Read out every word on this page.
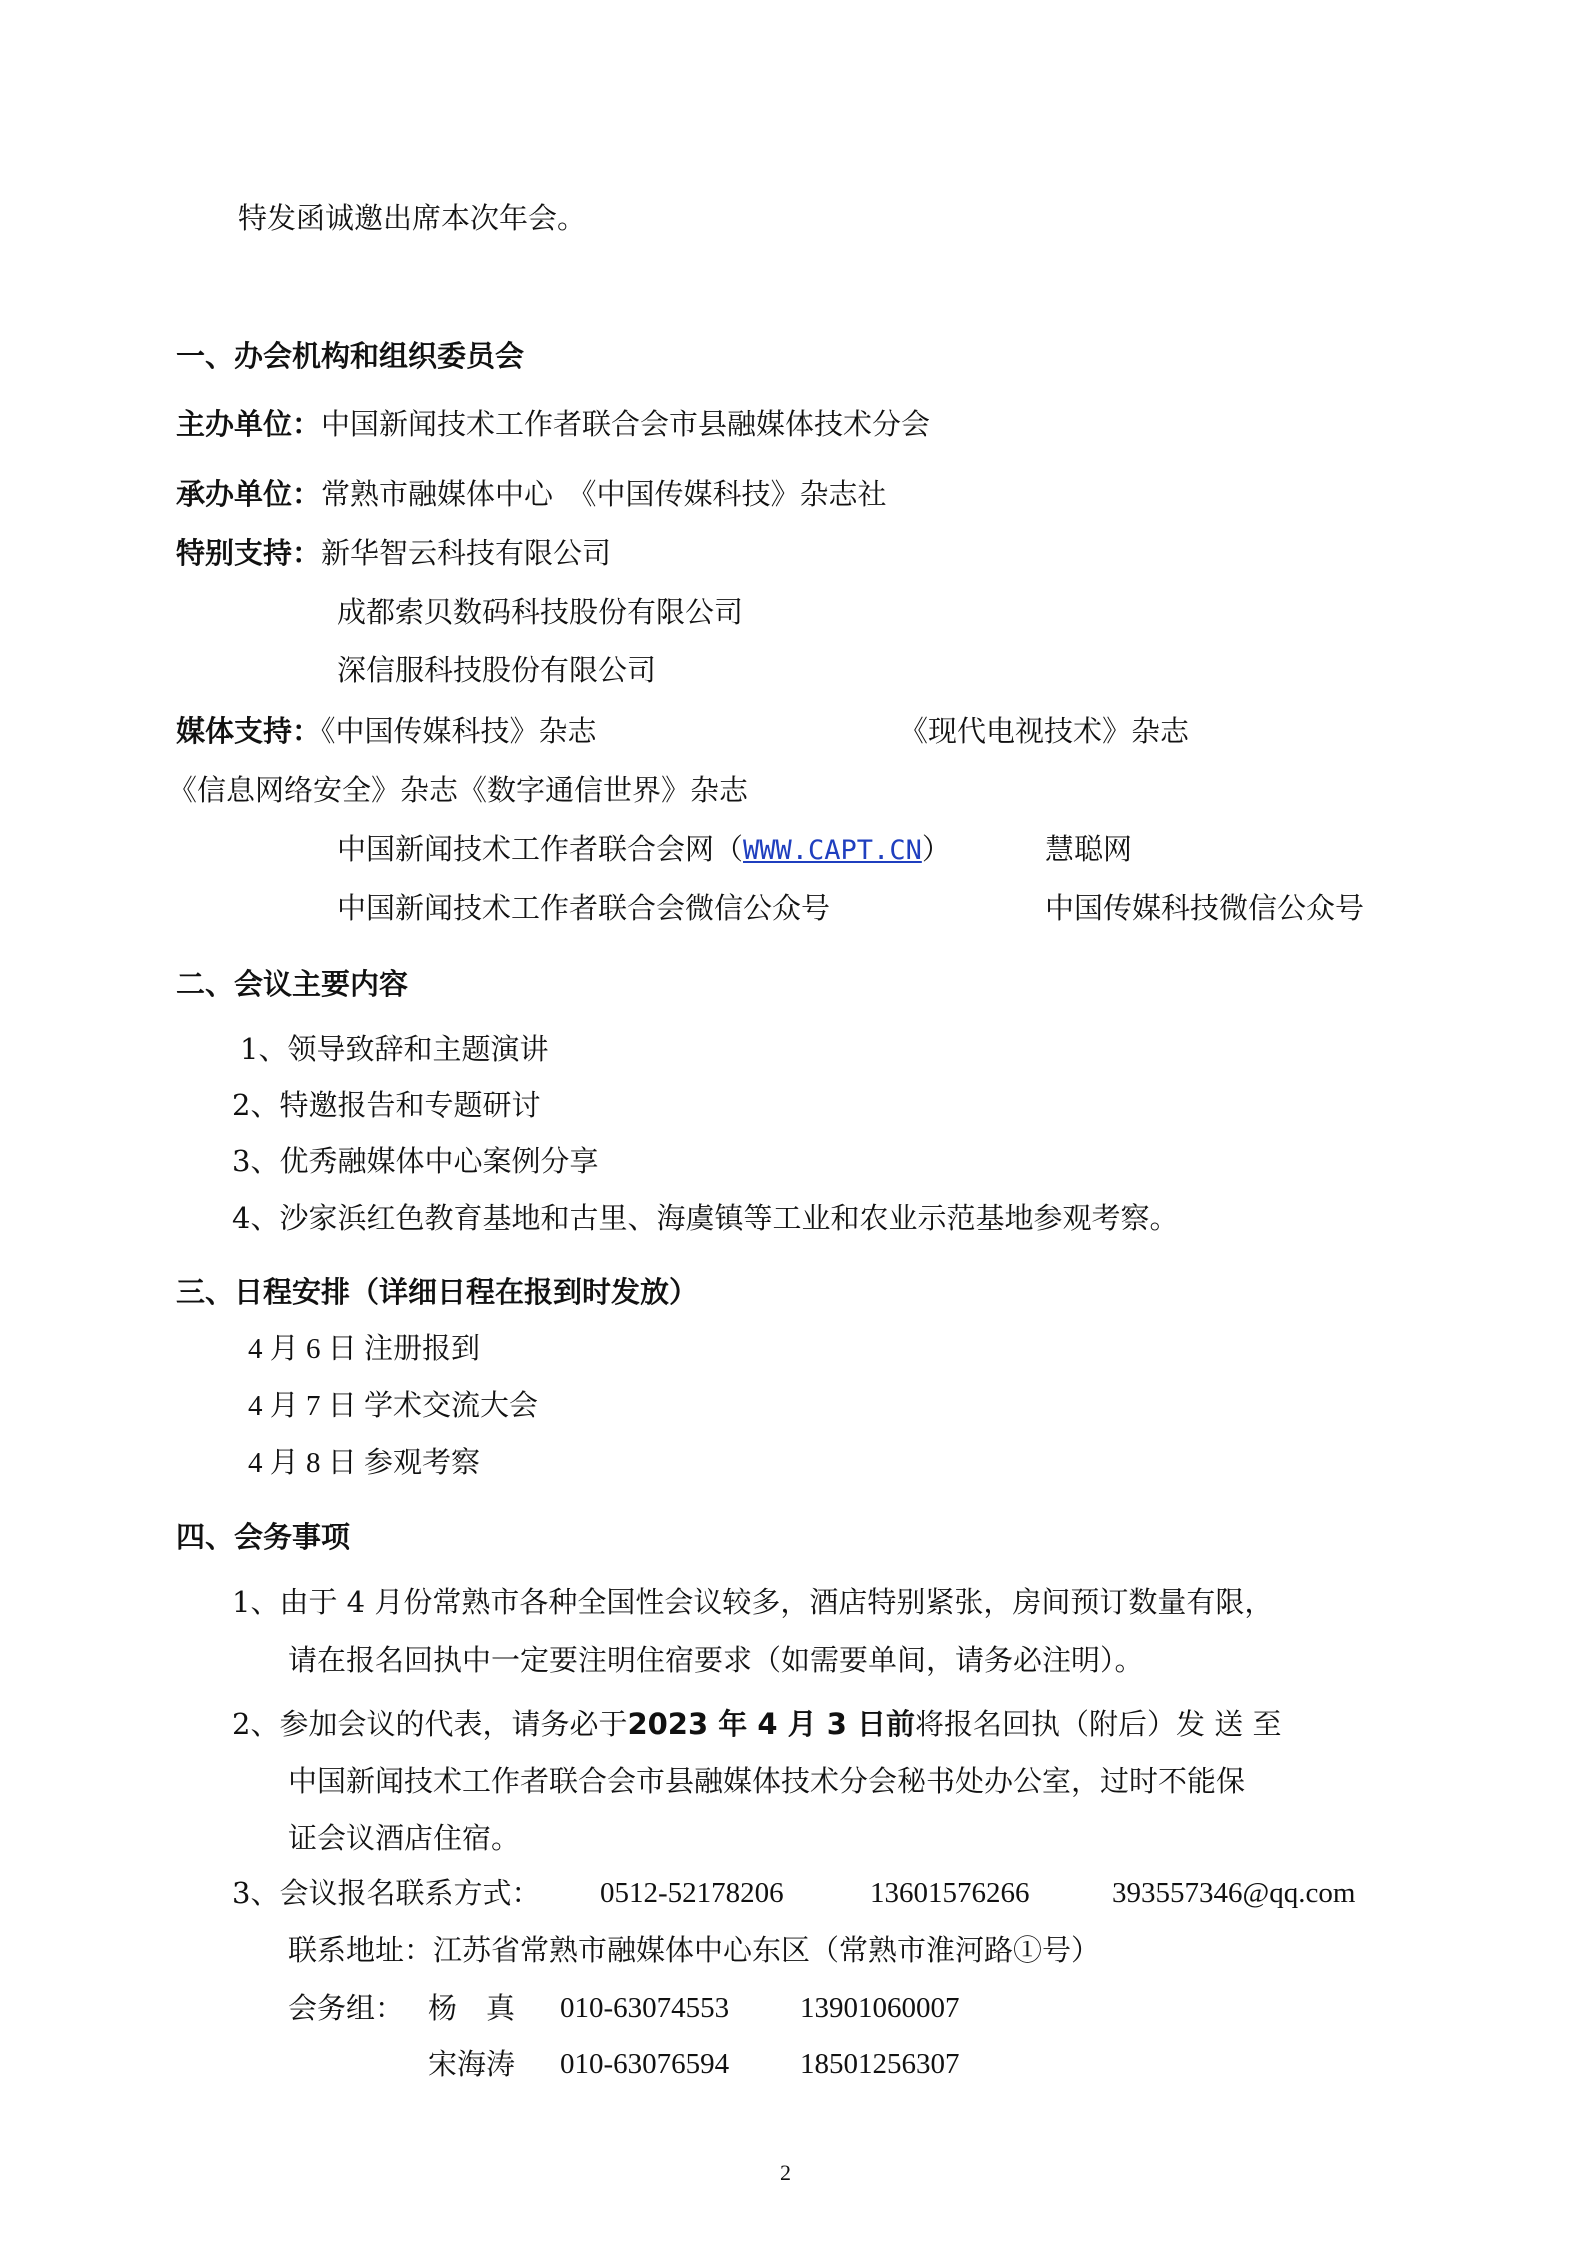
特发函诚邀出席本次年会。
一、办会机构和组织委员会
主办单位：中国新闻技术工作者联合会市县融媒体技术分会
承办单位：常熟市融媒体中心　《中国传媒科技》杂志社
特别支持：新华智云科技有限公司
成都索贝数码科技股份有限公司
深信服科技股份有限公司
媒体支持：《中国传媒科技》杂志	《现代电视技术》杂志
《信息网络安全》杂志《数字通信世界》杂志
中国新闻技术工作者联合会网（WWW.CAPT.CN）	慧聪网
中国新闻技术工作者联合会微信公众号	中国传媒科技微信公众号
二、会议主要内容
1、领导致辞和主题演讲
2、特邀报告和专题研讨
3、优秀融媒体中心案例分享
4、沙家浜红色教育基地和古里、海虞镇等工业和农业示范基地参观考察。
三、日程安排（详细日程在报到时发放）
4 月 6 日 注册报到
4 月 7 日 学术交流大会
4 月 8 日 参观考察
四、会务事项
1、由于 4 月份常熟市各种全国性会议较多，酒店特别紧张，房间预订数量有限，
请在报名回执中一定要注明住宿要求（如需要单间，请务必注明）。
2、参加会议的代表，请务必于2023 年 4 月 3 日前将报名回执（附后）发 送 至
中国新闻技术工作者联合会市县融媒体技术分会秘书处办公室，过时不能保
证会议酒店住宿。
3、会议报名联系方式： 0512-52178206	13601576266	393557346@qq.com
联系地址：江苏省常熟市融媒体中心东区（常熟市淮河路①号）
会务组： 杨　真 010-63074553 13901060007
宋海涛 010-63076594 18501256307
2
